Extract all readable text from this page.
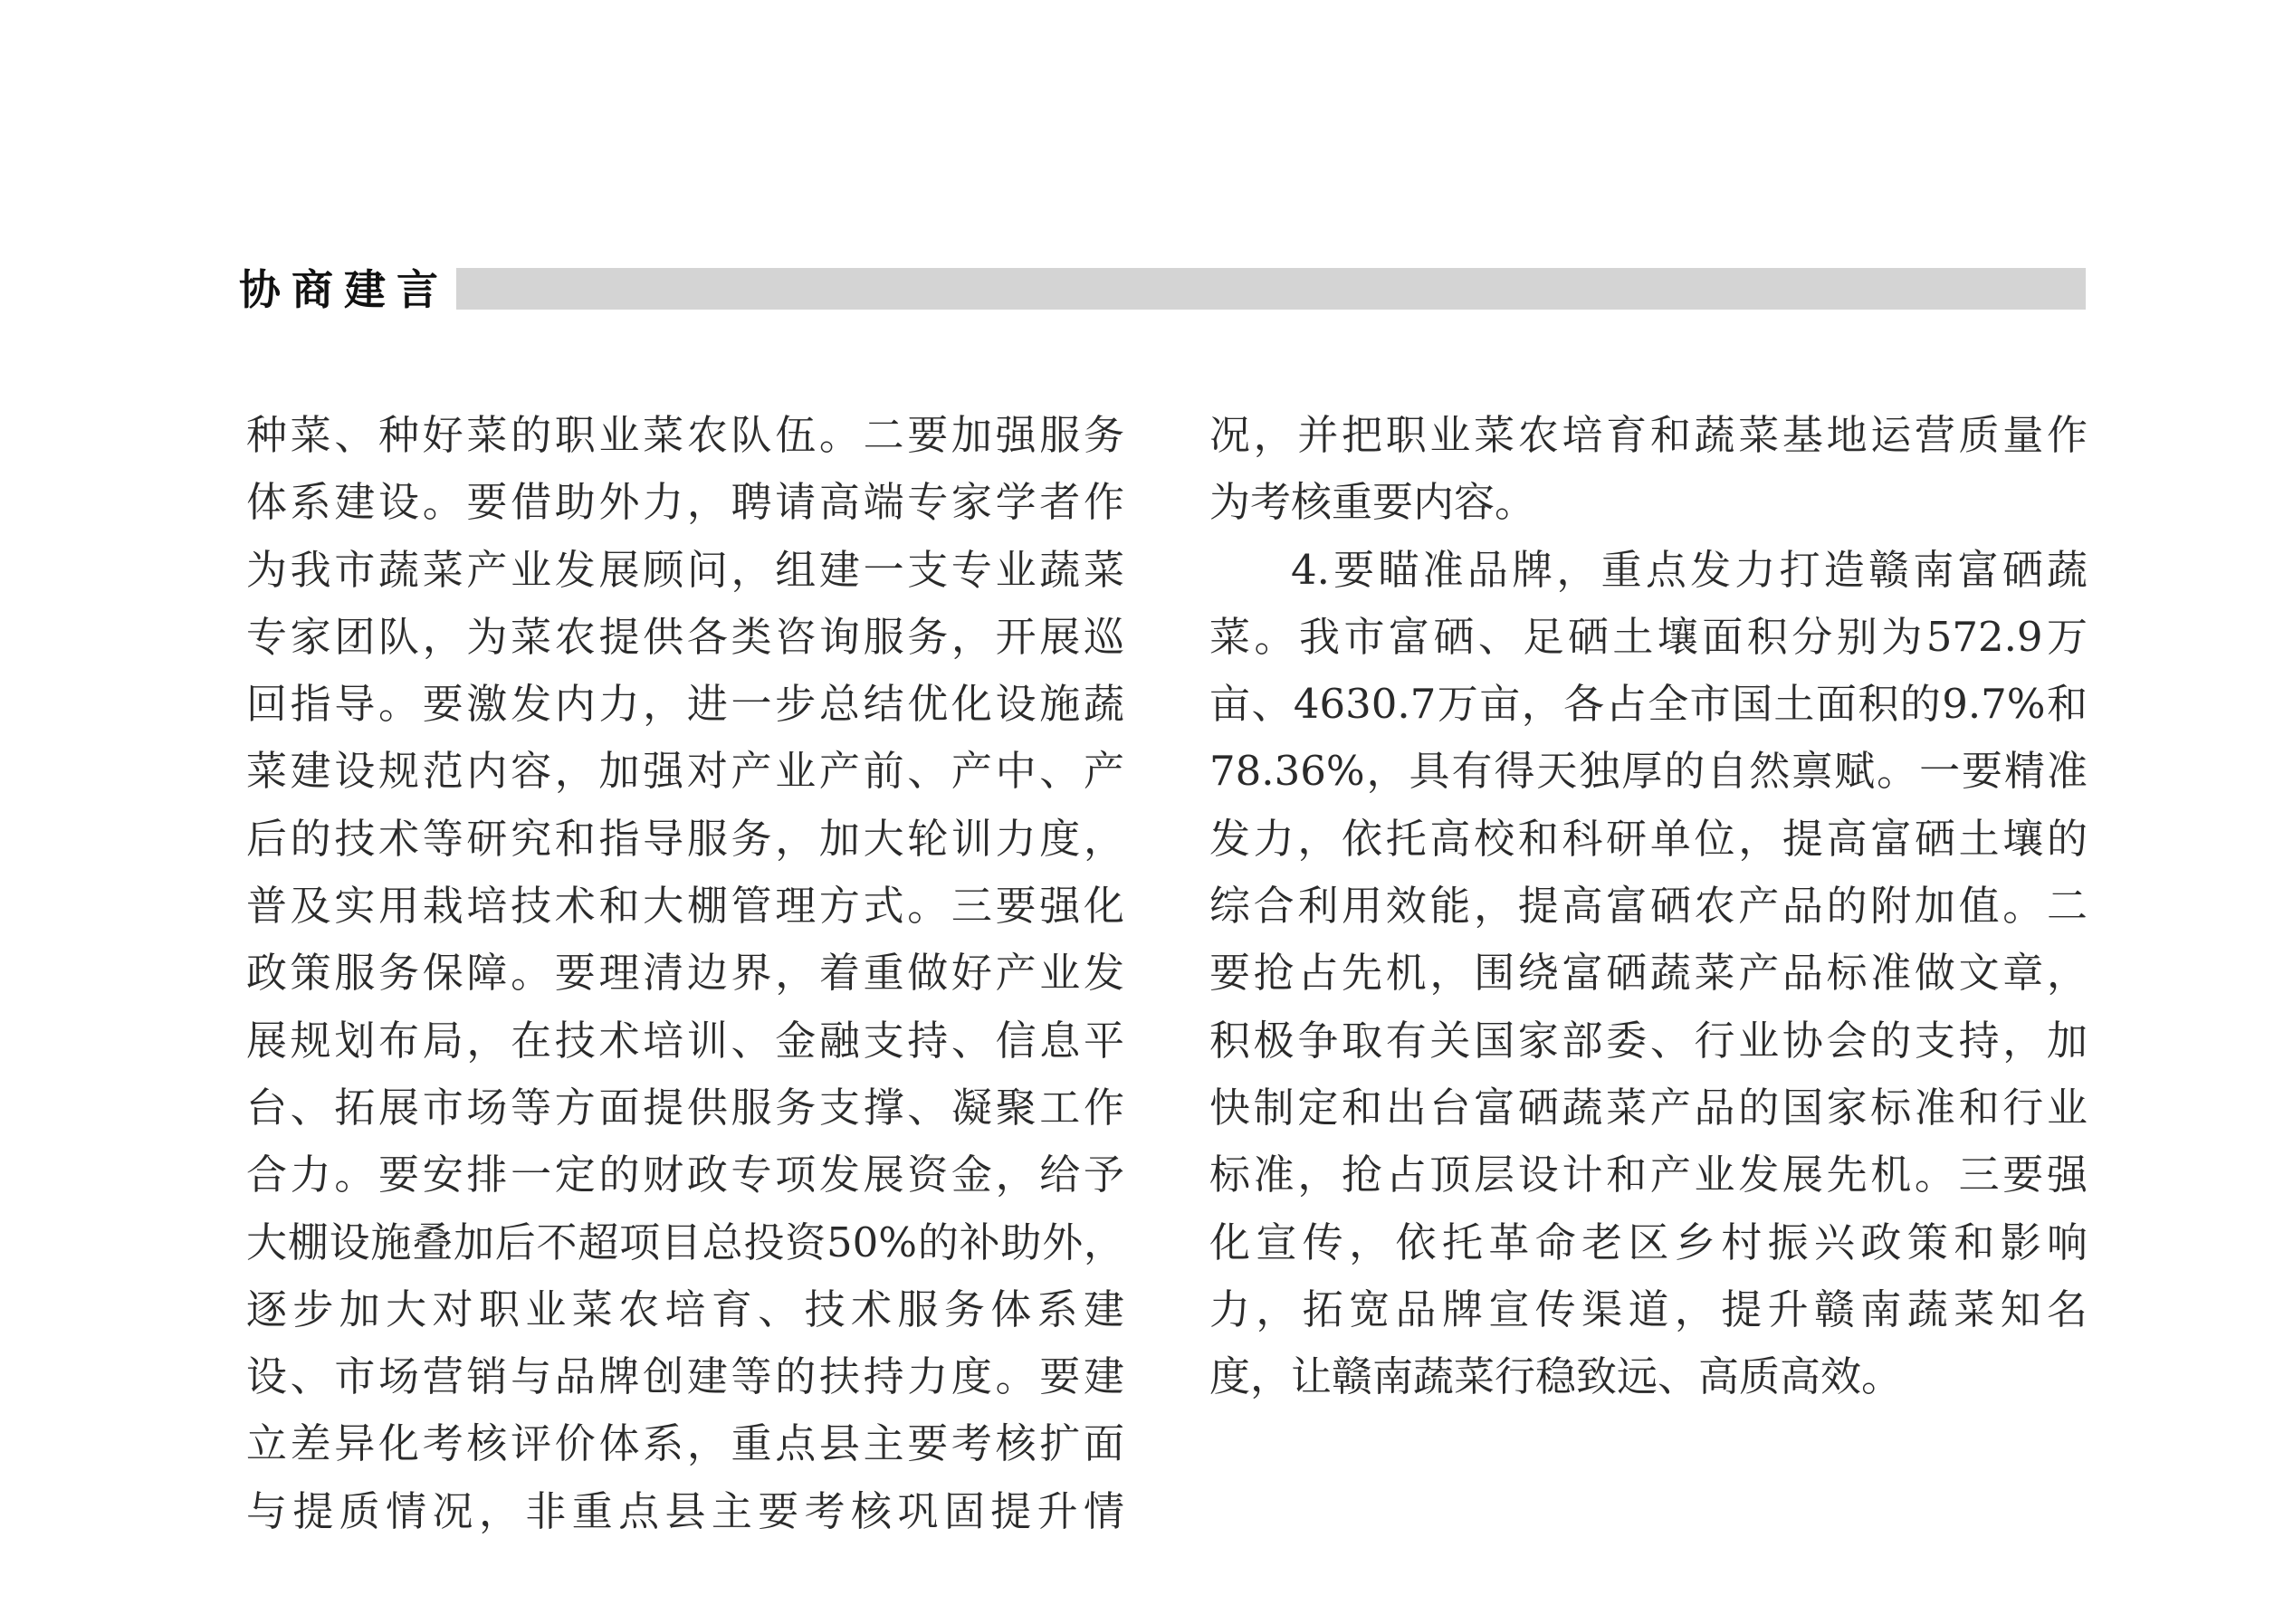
协商建言
种菜、种好菜的职业菜农队伍。二要加强服务
体系建设。要借助外力，聘请高端专家学者作
为我市蔬菜产业发展顾问，组建一支专业蔬菜
专家团队，为菜农提供各类咨询服务，开展巡
回指导。要激发内力，进一步总结优化设施蔬
菜建设规范内容，加强对产业产前、产中、产
后的技术等研究和指导服务，加大轮训力度，
普及实用栽培技术和大棚管理方式。三要强化
政策服务保障。要理清边界，着重做好产业发
展规划布局，在技术培训、金融支持、信息平
台、拓展市场等方面提供服务支撑、凝聚工作
合力。要安排一定的财政专项发展资金，给予
大棚设施叠加后不超项目总投资50%的补助外，
逐步加大对职业菜农培育、技术服务体系建
设、市场营销与品牌创建等的扶持力度。要建
立差异化考核评价体系，重点县主要考核扩面
与提质情况，非重点县主要考核巩固提升情
况，并把职业菜农培育和蔬菜基地运营质量作
为考核重要内容。
4.要瞄准品牌，重点发力打造赣南富硒蔬
菜。我市富硒、足硒土壤面积分别为572.9万
亩、4630.7万亩，各占全市国土面积的9.7%和
78.36%，具有得天独厚的自然禀赋。一要精准
发力，依托高校和科研单位，提高富硒土壤的
综合利用效能，提高富硒农产品的附加值。二
要抢占先机，围绕富硒蔬菜产品标准做文章，
积极争取有关国家部委、行业协会的支持，加
快制定和出台富硒蔬菜产品的国家标准和行业
标准，抢占顶层设计和产业发展先机。三要强
化宣传，依托革命老区乡村振兴政策和影响
力，拓宽品牌宣传渠道，提升赣南蔬菜知名
度，让赣南蔬菜行稳致远、高质高效。
